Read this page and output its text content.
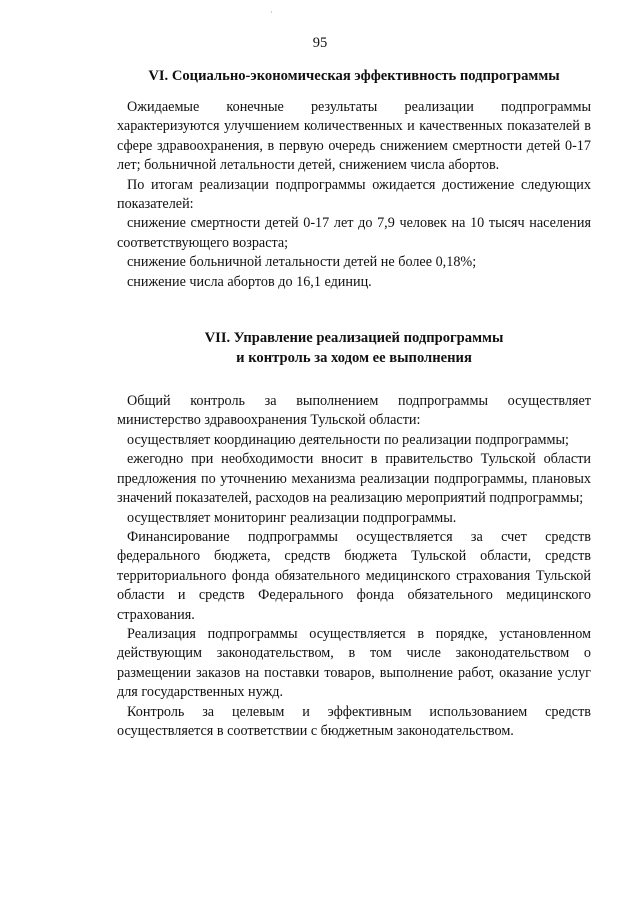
·
95
VI. Социально-экономическая эффективность подпрограммы

Ожидаемые конечные результаты реализации подпрограммы характеризуются улучшением количественных и качественных показателей в сфере здравоохранения, в первую очередь снижением смертности детей 0-17 лет; больничной летальности детей, снижением числа абортов.

По итогам реализации подпрограммы ожидается достижение следующих показателей:

снижение смертности детей 0-17 лет до 7,9 человек на 10 тысяч населения соответствующего возраста;

снижение больничной летальности детей не более 0,18%;

снижение числа абортов до 16,1 единиц.

VII. Управление реализацией подпрограммы
и контроль за ходом ее выполнения

Общий контроль за выполнением подпрограммы осуществляет министерство здравоохранения Тульской области:

осуществляет координацию деятельности по реализации подпрограммы;

ежегодно при необходимости вносит в правительство Тульской области предложения по уточнению механизма реализации подпрограммы, плановых значений показателей, расходов на реализацию мероприятий подпрограммы;

осуществляет мониторинг реализации подпрограммы.

Финансирование подпрограммы осуществляется за счет средств федерального бюджета, средств бюджета Тульской области, средств территориального фонда обязательного медицинского страхования Тульской области и средств Федерального фонда обязательного медицинского страхования.

Реализация подпрограммы осуществляется в порядке, установленном действующим законодательством, в том числе законодательством о размещении заказов на поставки товаров, выполнение работ, оказание услуг для государственных нужд.

Контроль за целевым и эффективным использованием средств осуществляется в соответствии с бюджетным законодательством.
